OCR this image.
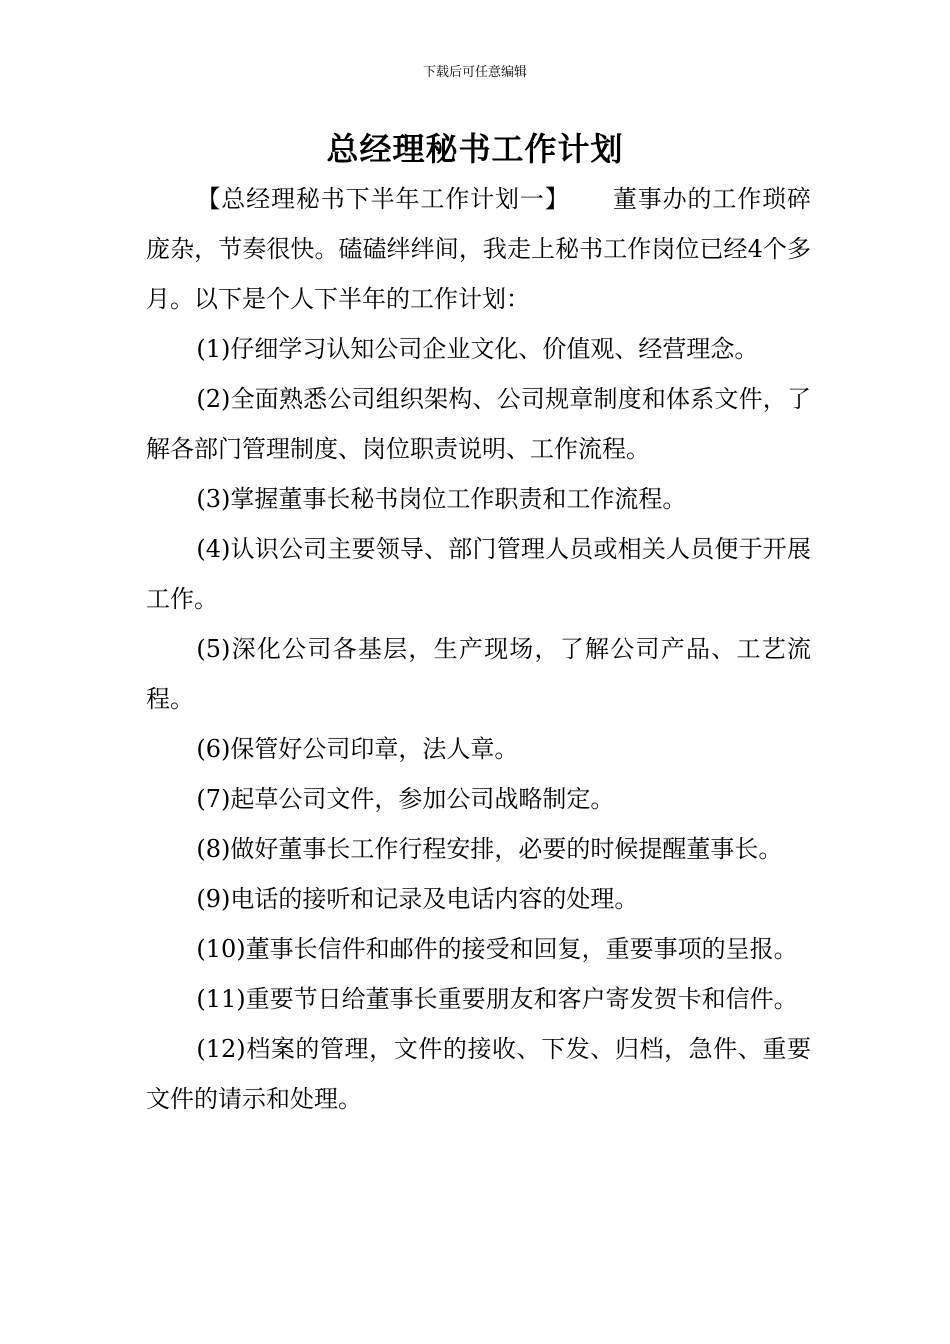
下载后可任意编辑
总经理秘书工作计划

【总经理秘书下半年工作计划一】 董事办的工作琐碎庞杂，节奏很快。磕磕绊绊间，我走上秘书工作岗位已经4个多月。以下是个人下半年的工作计划：

(1)仔细学习认知公司企业文化、价值观、经营理念。

(2)全面熟悉公司组织架构、公司规章制度和体系文件，了解各部门管理制度、岗位职责说明、工作流程。

(3)掌握董事长秘书岗位工作职责和工作流程。

(4)认识公司主要领导、部门管理人员或相关人员便于开展工作。

(5)深化公司各基层，生产现场，了解公司产品、工艺流程。

(6)保管好公司印章，法人章。

(7)起草公司文件，参加公司战略制定。

(8)做好董事长工作行程安排，必要的时候提醒董事长。

(9)电话的接听和记录及电话内容的处理。

(10)董事长信件和邮件的接受和回复，重要事项的呈报。

(11)重要节日给董事长重要朋友和客户寄发贺卡和信件。

(12)档案的管理，文件的接收、下发、归档，急件、重要文件的请示和处理。
